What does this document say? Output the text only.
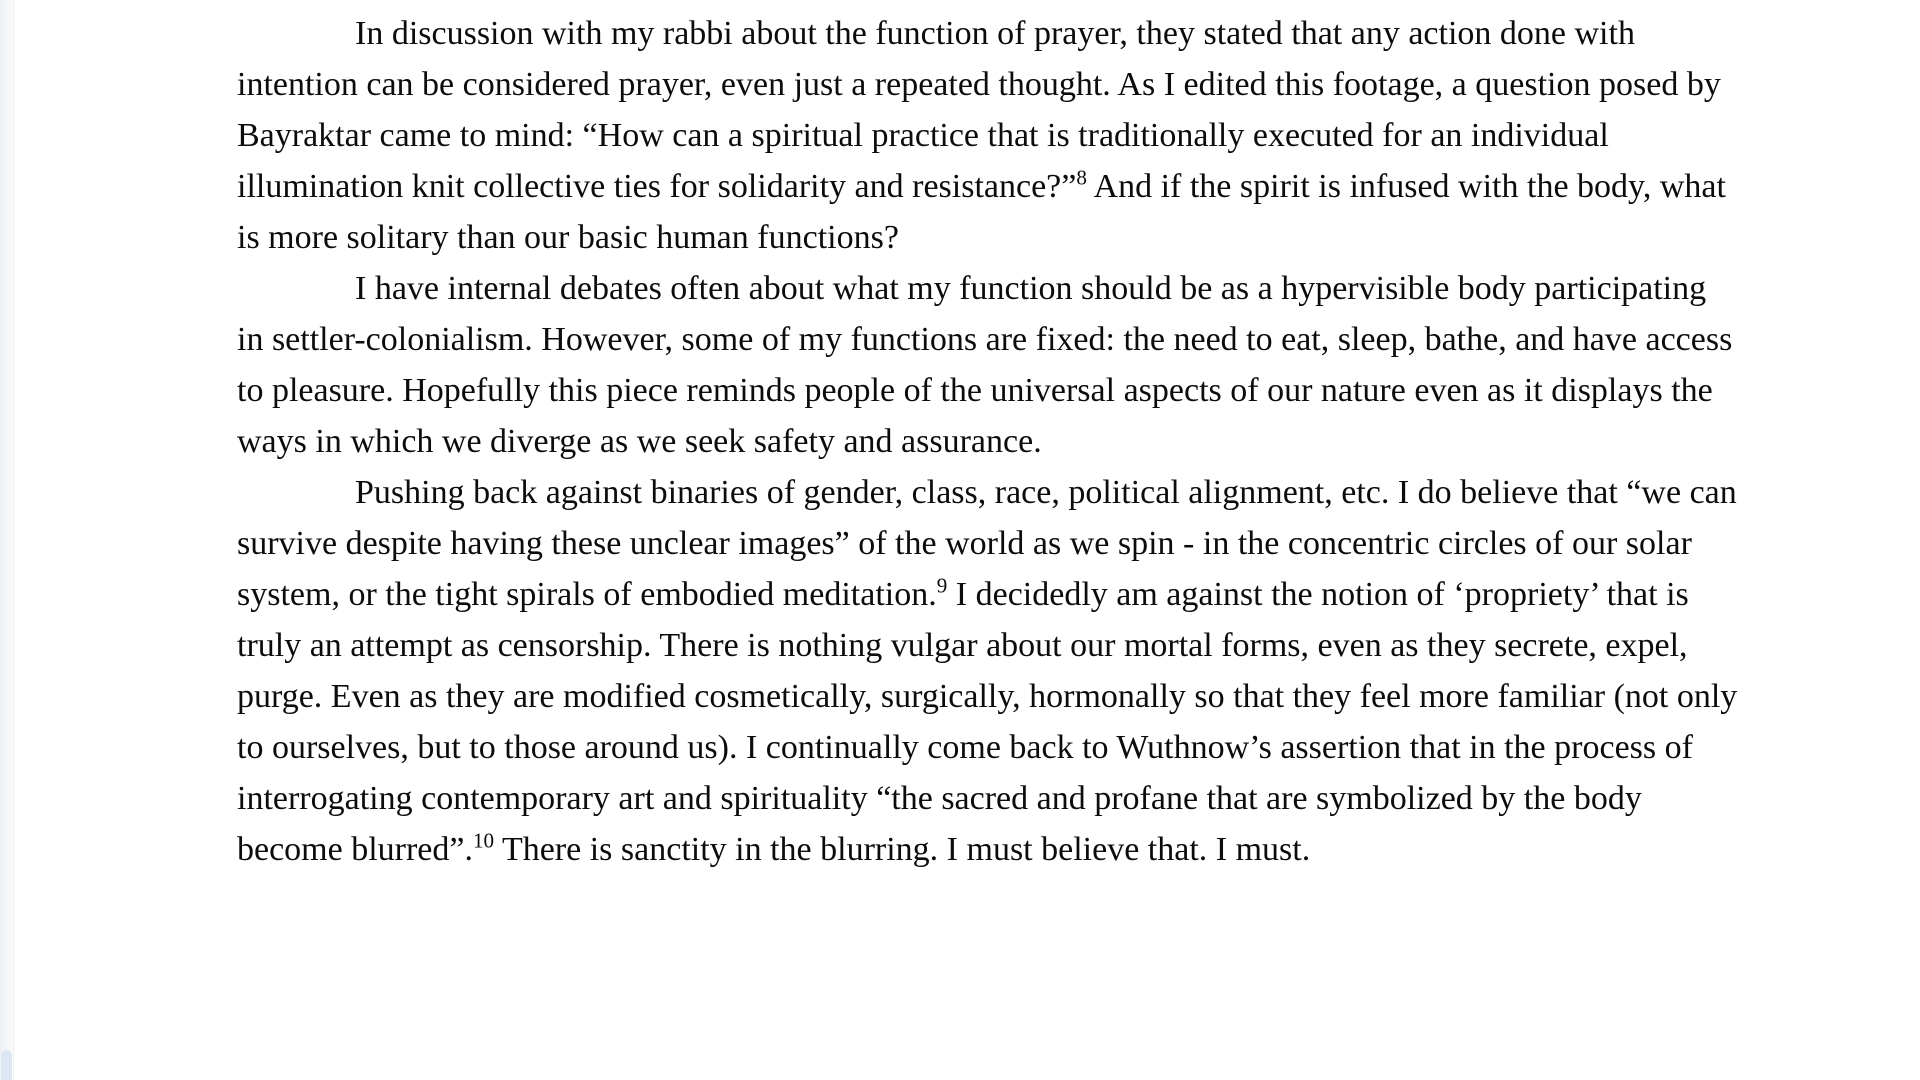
In discussion with my rabbi about the function of prayer, they stated that any action done with intention can be considered prayer, even just a repeated thought. As I edited this footage, a question posed by Bayraktar came to mind: “How can a spiritual practice that is traditionally executed for an individual illumination knit collective ties for solidarity and resistance?”$^8$ And if the spirit is infused with the body, what is more solitary than our basic human functions?

I have internal debates often about what my function should be as a hypervisible body participating in settler-colonialism. However, some of my functions are fixed: the need to eat, sleep, bathe, and have access to pleasure. Hopefully this piece reminds people of the universal aspects of our nature even as it displays the ways in which we diverge as we seek safety and assurance.

Pushing back against binaries of gender, class, race, political alignment, etc. I do believe that “we can survive despite having these unclear images” of the world as we spin - in the concentric circles of our solar system, or the tight spirals of embodied meditation.$^9$ I decidedly am against the notion of ‘propriety’ that is truly an attempt as censorship. There is nothing vulgar about our mortal forms, even as they secrete, expel, purge. Even as they are modified cosmetically, surgically, hormonally so that they feel more familiar (not only to ourselves, but to those around us). I continually come back to Wuthnow’s assertion that in the process of interrogating contemporary art and spirituality “the sacred and profane that are symbolized by the body become blurred”.$^{10}$ There is sanctity in the blurring. I must believe that. I must.
